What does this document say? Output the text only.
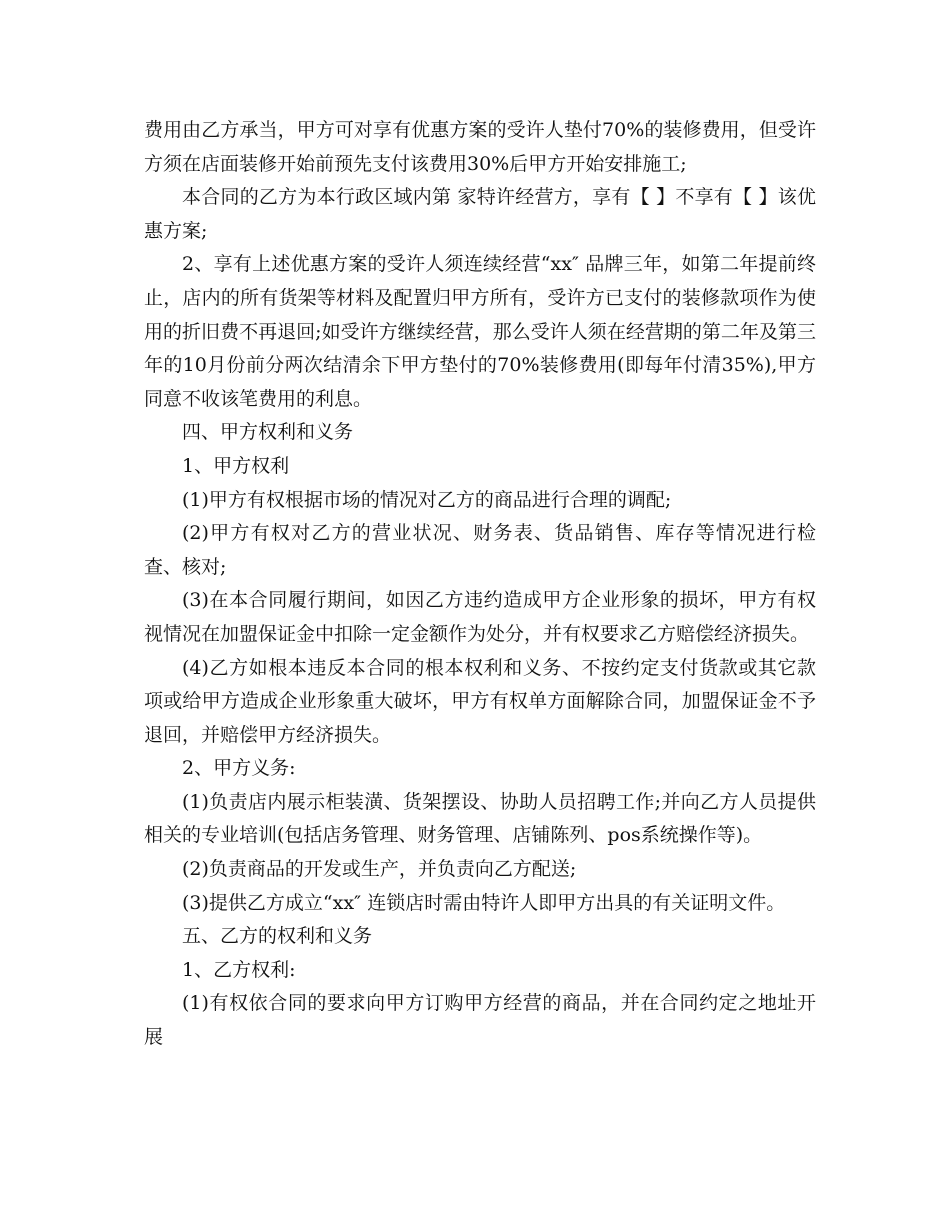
费用由乙方承当，甲方可对享有优惠方案的受许人垫付70%的装修费用，但受许方须在店面装修开始前预先支付该费用30%后甲方开始安排施工;

本合同的乙方为本行政区域内第 家特许经营方，享有【 】不享有【 】该优惠方案;

2、享有上述优惠方案的受许人须连续经营“xx″ 品牌三年，如第二年提前终止，店内的所有货架等材料及配置归甲方所有，受许方已支付的装修款项作为使用的折旧费不再退回;如受许方继续经营，那么受许人须在经营期的第二年及第三年的10月份前分两次结清余下甲方垫付的70%装修费用(即每年付清35%),甲方同意不收该笔费用的利息。

四、甲方权利和义务

1、甲方权利

(1)甲方有权根据市场的情况对乙方的商品进行合理的调配;

(2)甲方有权对乙方的营业状况、财务表、货品销售、库存等情况进行检查、核对;

(3)在本合同履行期间，如因乙方违约造成甲方企业形象的损坏，甲方有权视情况在加盟保证金中扣除一定金额作为处分，并有权要求乙方赔偿经济损失。

(4)乙方如根本违反本合同的根本权利和义务、不按约定支付货款或其它款项或给甲方造成企业形象重大破坏，甲方有权单方面解除合同，加盟保证金不予退回，并赔偿甲方经济损失。

2、甲方义务:

(1)负责店内展示柜装潢、货架摆设、协助人员招聘工作;并向乙方人员提供相关的专业培训(包括店务管理、财务管理、店铺陈列、pos系统操作等)。

(2)负责商品的开发或生产，并负责向乙方配送;

(3)提供乙方成立“xx″ 连锁店时需由特许人即甲方出具的有关证明文件。

五、乙方的权利和义务

1、乙方权利:

(1)有权依合同的要求向甲方订购甲方经营的商品，并在合同约定之地址开展
